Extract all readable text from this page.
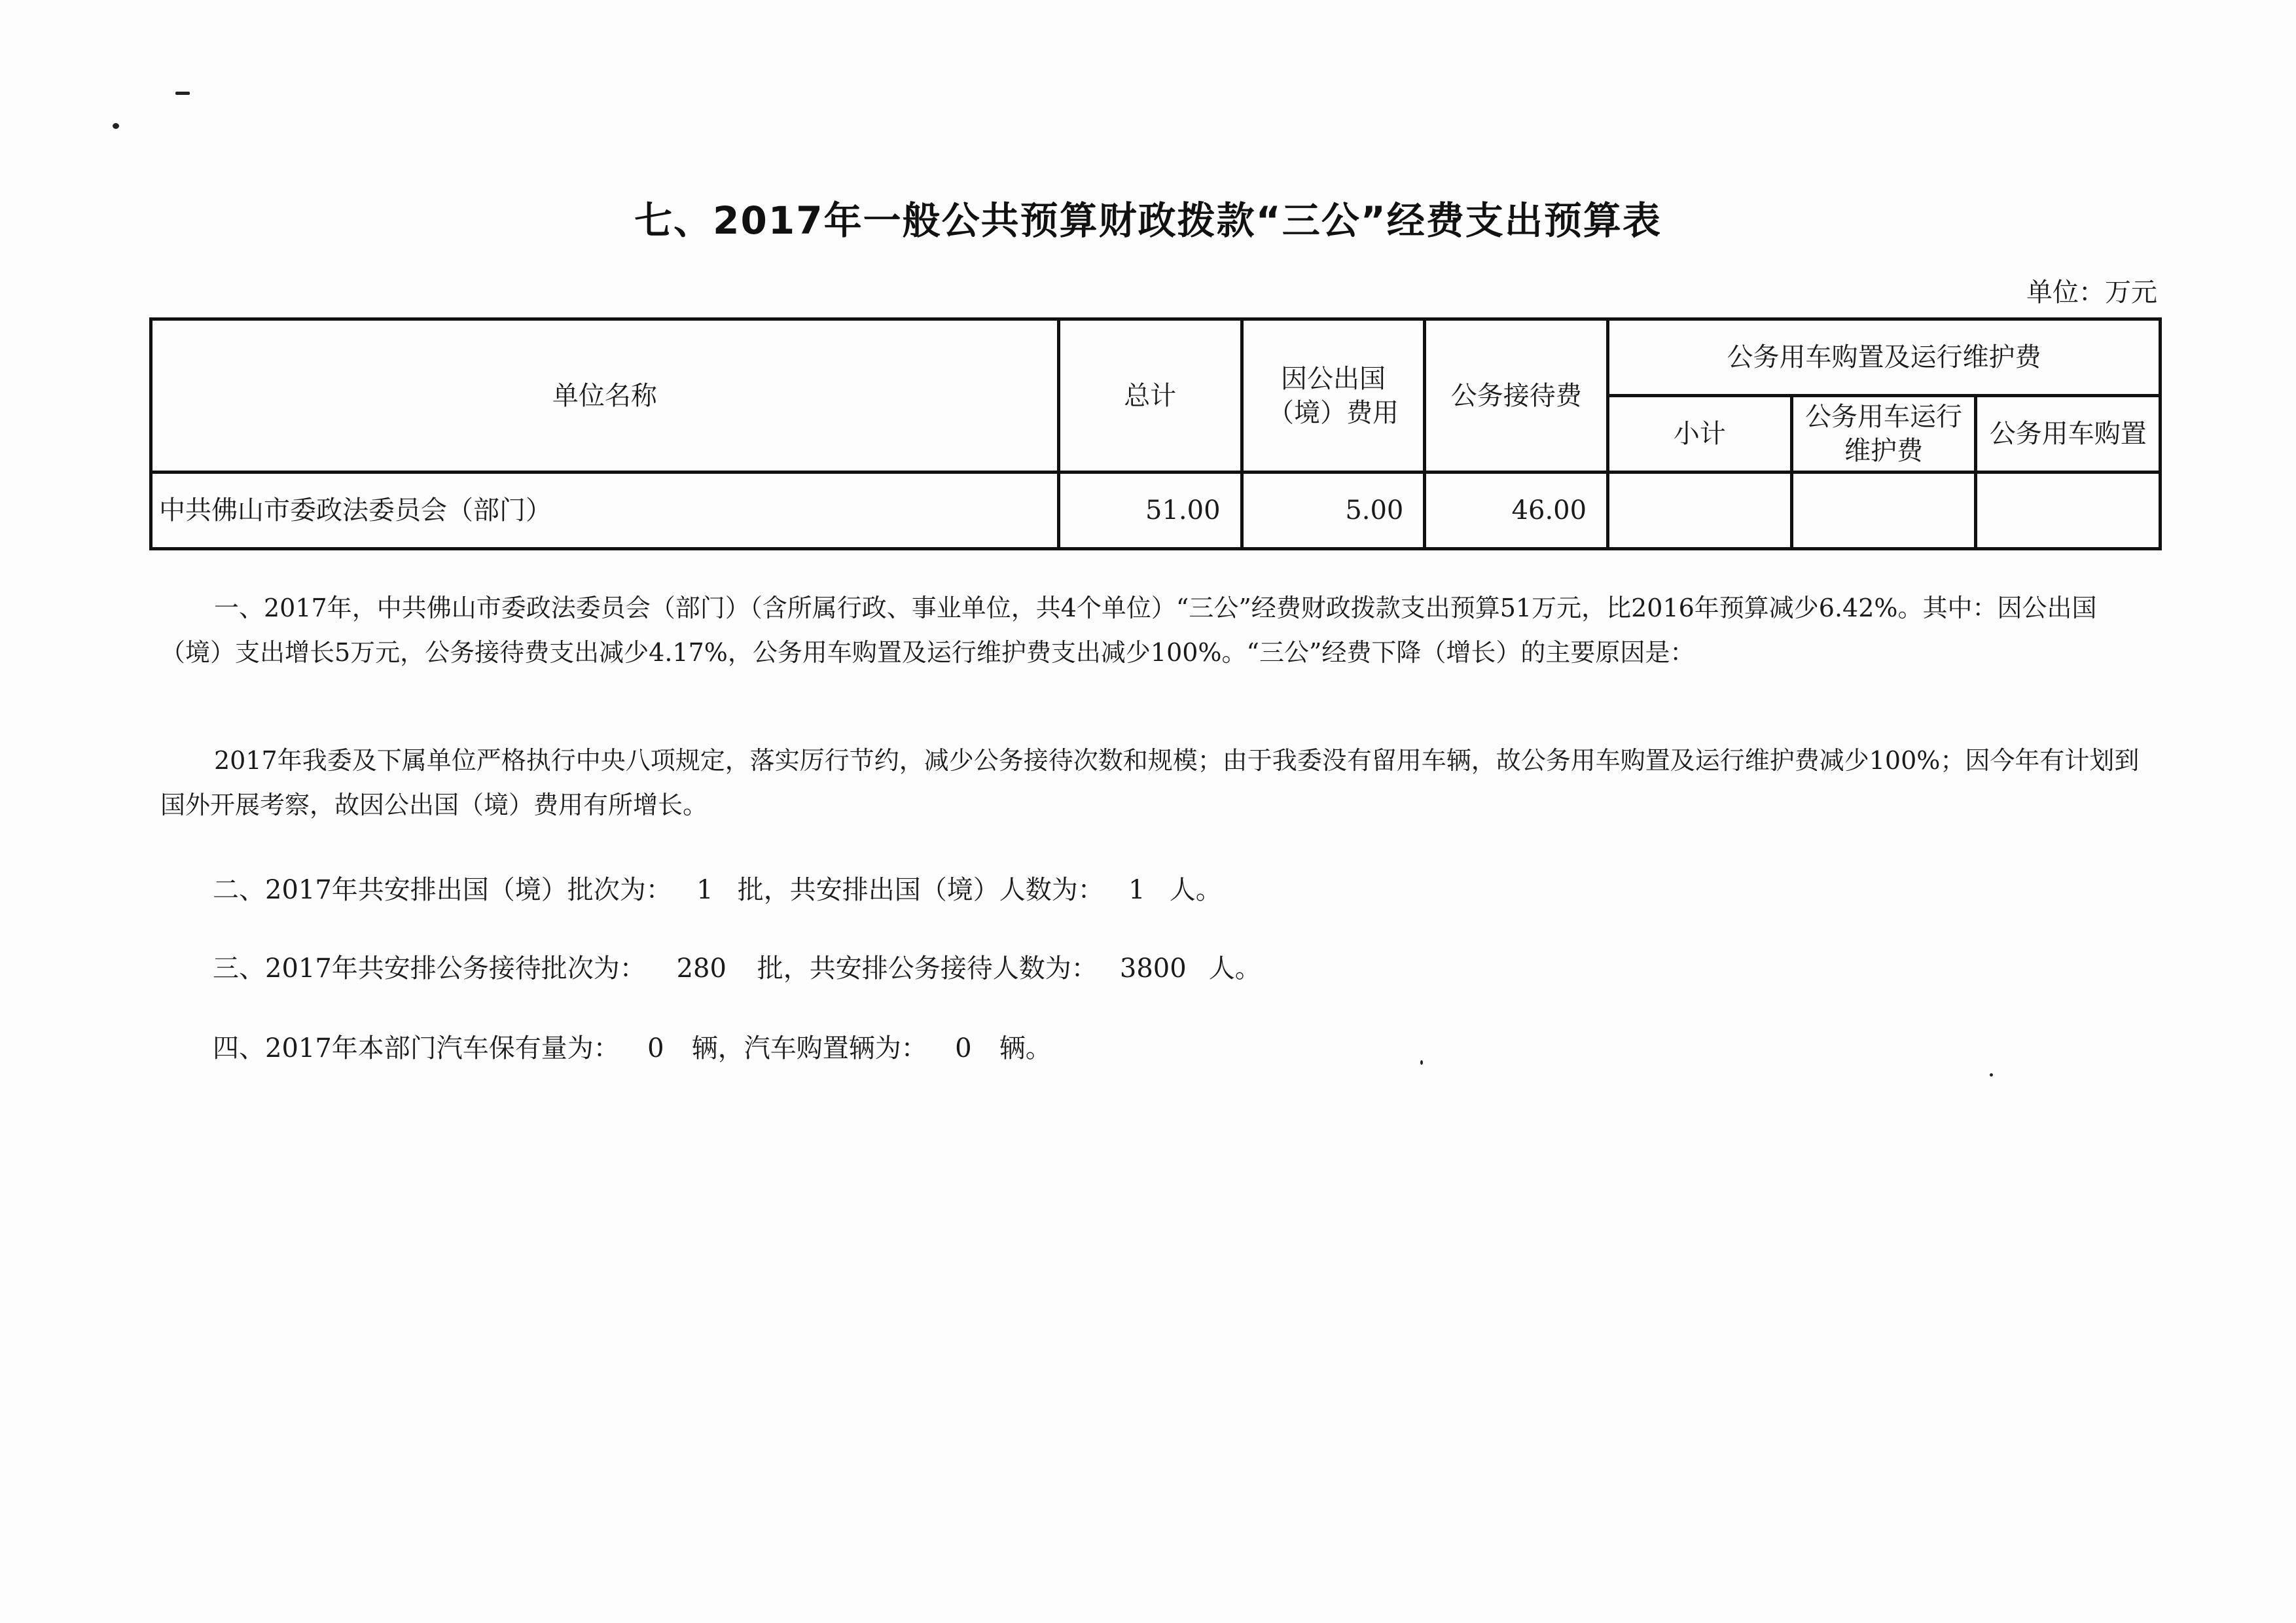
七、2017年一般公共预算财政拨款“三公”经费支出预算表
单位：万元
单位名称	总计	因公出国（境）费用	公务接待费	公务用车购置及运行维护费		
				小计	公务用车运行维护费	公务用车购置
中共佛山市委政法委员会（部门）	51.00	5.00	46.00			
一、2017年，中共佛山市委政法委员会（部门）（含所属行政、事业单位，共4个单位）“三公”经费财政拨款支出预算51万元，比2016年预算减少6.42%。其中：因公出国（境）支出增长5万元，公务接待费支出减少4.17%，公务用车购置及运行维护费支出减少100%。“三公”经费下降（增长）的主要原因是：
2017年我委及下属单位严格执行中央八项规定，落实厉行节约，减少公务接待次数和规模；由于我委没有留用车辆，故公务用车购置及运行维护费减少100%；因今年有计划到国外开展考察，故因公出国（境）费用有所增长。
二、2017年共安排出国（境）批次为： 1 批，共安排出国（境）人数为： 1 人。
三、2017年共安排公务接待批次为： 280 批，共安排公务接待人数为： 3800 人。
四、2017年本部门汽车保有量为： 0 辆，汽车购置辆为： 0 辆。
